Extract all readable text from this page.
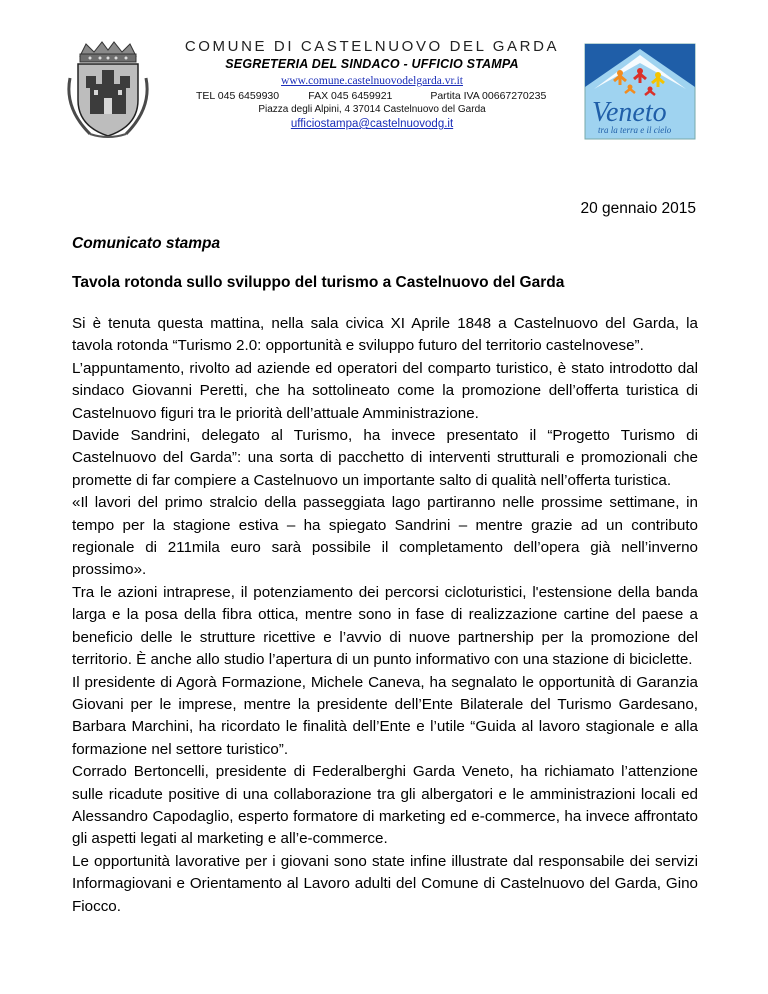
COMUNE DI CASTELNUOVO DEL GARDA
SEGRETERIA DEL SINDACO - UFFICIO STAMPA
www.comune.castelnuovodelgarda.vr.it
TEL 045 6459930	FAX 045 6459921	Partita IVA 00667270235
Piazza degli Alpini, 4 37014 Castelnuovo del Garda
ufficiostampa@castelnuovodg.it	Veneto
tra la terra e il cielo
20 gennaio 2015
Comunicato stampa
Tavola rotonda sullo sviluppo del turismo a Castelnuovo del Garda

Si è tenuta questa mattina, nella sala civica XI Aprile 1848 a Castelnuovo del Garda, la tavola rotonda “Turismo 2.0: opportunità e sviluppo futuro del territorio castelnovese”.

L’appuntamento, rivolto ad aziende ed operatori del comparto turistico, è stato introdotto dal sindaco Giovanni Peretti, che ha sottolineato come la promozione dell’offerta turistica di Castelnuovo figuri tra le priorità dell’attuale Amministrazione.

Davide Sandrini, delegato al Turismo, ha invece presentato il “Progetto Turismo di Castelnuovo del Garda”: una sorta di pacchetto di interventi strutturali e promozionali che promette di far compiere a Castelnuovo un importante salto di qualità nell’offerta turistica.

«Il lavori del primo stralcio della passeggiata lago partiranno nelle prossime settimane, in tempo per la stagione estiva – ha spiegato Sandrini – mentre grazie ad un contributo regionale di 211mila euro sarà possibile il completamento dell’opera già nell’inverno prossimo».

Tra le azioni intraprese, il potenziamento dei percorsi cicloturistici, l'estensione della banda larga e la posa della fibra ottica, mentre sono in fase di realizzazione cartine del paese a beneficio delle le strutture ricettive e l’avvio di nuove partnership per la promozione del territorio. È anche allo studio l’apertura di un punto informativo con una stazione di biciclette.

Il presidente di Agorà Formazione, Michele Caneva, ha segnalato le opportunità di Garanzia Giovani per le imprese, mentre la presidente dell’Ente Bilaterale del Turismo Gardesano, Barbara Marchini, ha ricordato le finalità dell’Ente e l’utile “Guida al lavoro stagionale e alla formazione nel settore turistico”.

Corrado Bertoncelli, presidente di Federalberghi Garda Veneto, ha richiamato l’attenzione sulle ricadute positive di una collaborazione tra gli albergatori e le amministrazioni locali ed Alessandro Capodaglio, esperto formatore di marketing ed e-commerce, ha invece affrontato gli aspetti legati al marketing e all’e-commerce.

Le opportunità lavorative per i giovani sono state infine illustrate dal responsabile dei servizi Informagiovani e Orientamento al Lavoro adulti del Comune di Castelnuovo del Garda, Gino Fiocco.
